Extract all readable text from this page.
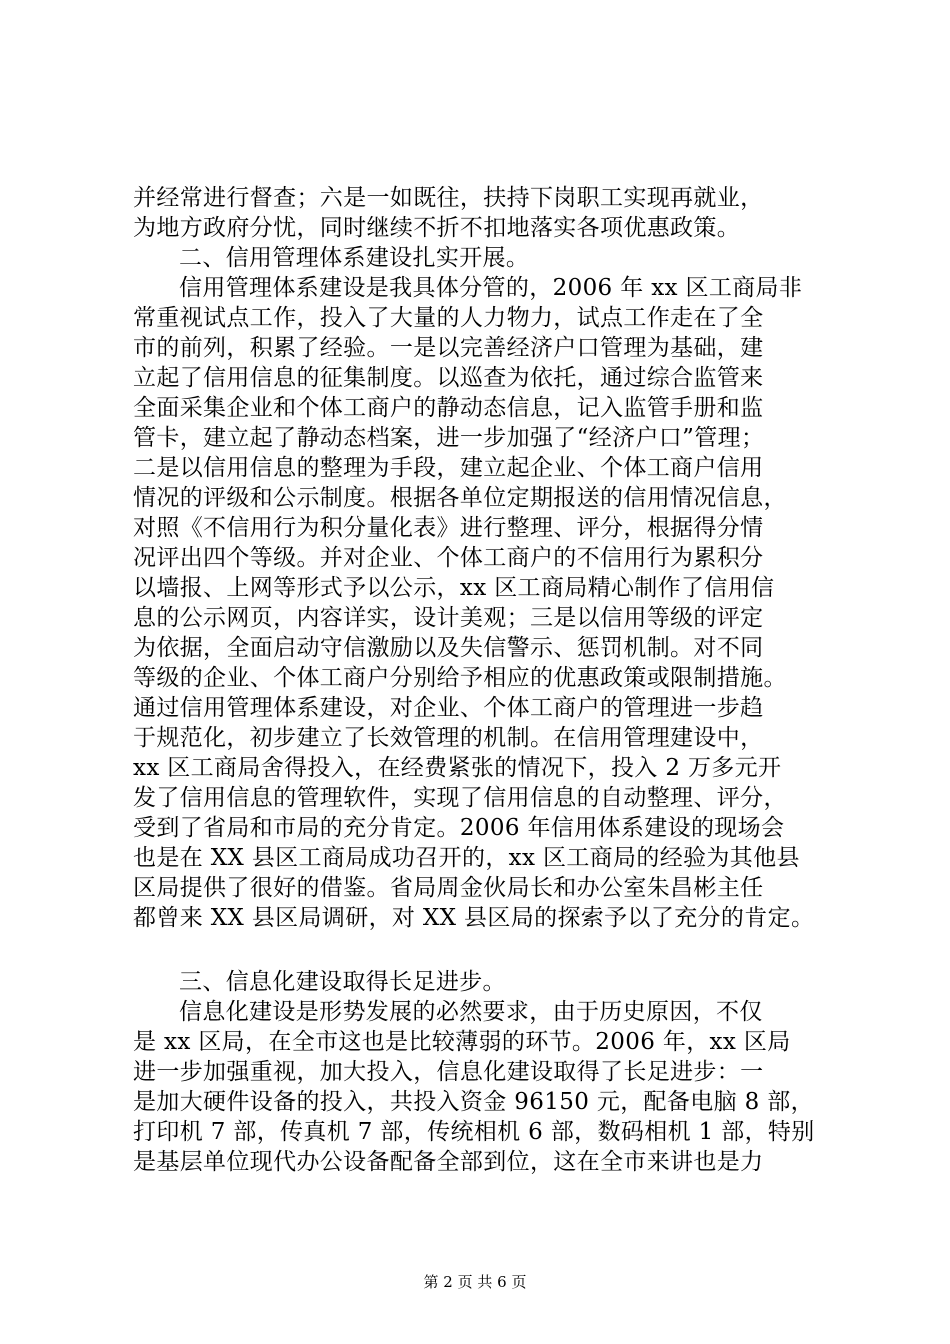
并经常进行督查；六是一如既往，扶持下岗职工实现再就业，
为地方政府分忧，同时继续不折不扣地落实各项优惠政策。
二、信用管理体系建设扎实开展。
信用管理体系建设是我具体分管的，2006 年 xx 区工商局非
常重视试点工作，投入了大量的人力物力，试点工作走在了全
市的前列，积累了经验。一是以完善经济户口管理为基础，建
立起了信用信息的征集制度。以巡查为依托，通过综合监管来
全面采集企业和个体工商户的静动态信息，记入监管手册和监
管卡，建立起了静动态档案，进一步加强了“经济户口”管理；
二是以信用信息的整理为手段，建立起企业、个体工商户信用
情况的评级和公示制度。根据各单位定期报送的信用情况信息，
对照《不信用行为积分量化表》进行整理、评分，根据得分情
况评出四个等级。并对企业、个体工商户的不信用行为累积分
以墙报、上网等形式予以公示，xx 区工商局精心制作了信用信
息的公示网页，内容详实，设计美观；三是以信用等级的评定
为依据，全面启动守信激励以及失信警示、惩罚机制。对不同
等级的企业、个体工商户分别给予相应的优惠政策或限制措施。
通过信用管理体系建设，对企业、个体工商户的管理进一步趋
于规范化，初步建立了长效管理的机制。在信用管理建设中，
xx 区工商局舍得投入，在经费紧张的情况下，投入 2 万多元开
发了信用信息的管理软件，实现了信用信息的自动整理、评分，
受到了省局和市局的充分肯定。2006 年信用体系建设的现场会
也是在 XX 县区工商局成功召开的，xx 区工商局的经验为其他县
区局提供了很好的借鉴。省局周金伙局长和办公室朱昌彬主任
都曾来 XX 县区局调研，对 XX 县区局的探索予以了充分的肯定。
三、信息化建设取得长足进步。
信息化建设是形势发展的必然要求，由于历史原因，不仅
是 xx 区局，在全市这也是比较薄弱的环节。2006 年，xx 区局
进一步加强重视，加大投入，信息化建设取得了长足进步：一
是加大硬件设备的投入，共投入资金 96150 元，配备电脑 8 部，
打印机 7 部，传真机 7 部，传统相机 6 部，数码相机 1 部，特别
是基层单位现代办公设备配备全部到位，这在全市来讲也是力
第 2 页 共 6 页
